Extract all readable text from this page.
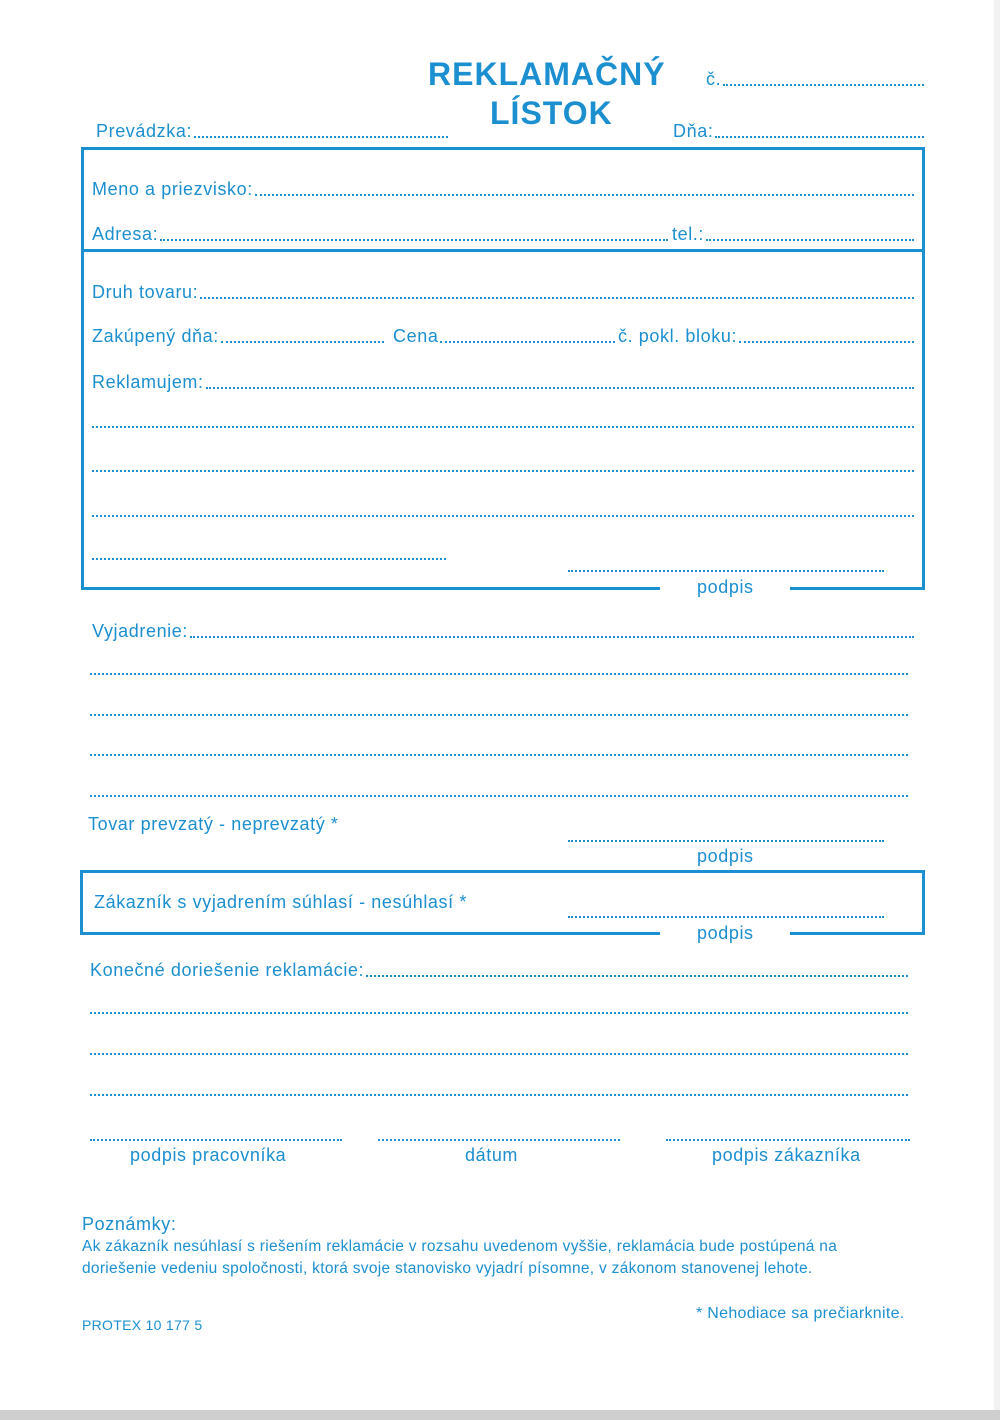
REKLAMAČNÝ
LÍSTOK
č.
Prevádzka:	Dňa:
Meno a priezvisko:
Adresa:	tel.:
Druh tovaru:
Zakúpený dňa:	Cena	č. pokl. bloku:
Reklamujem:
podpis
Vyjadrenie:
Tovar prevzatý - neprevzatý *
podpis
Zákazník s vyjadrením súhlasí - nesúhlasí *
podpis
Konečné doriešenie reklamácie:
podpis pracovníka	dátum	podpis zákazníka
Poznámky:
Ak zákazník nesúhlasí s riešením reklamácie v rozsahu uvedenom vyššie, reklamácia bude postúpená na
doriešenie vedeniu spoločnosti, ktorá svoje stanovisko vyjadrí písomne, v zákonom stanovenej lehote.
* Nehodiace sa prečiarknite.
PROTEX 10 177 5
